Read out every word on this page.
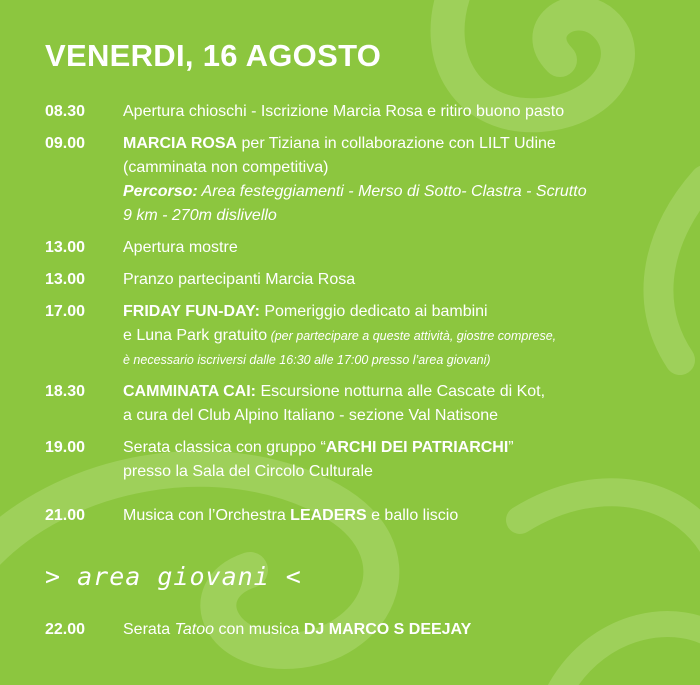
VENERDI, 16 AGOSTO
08.30	Apertura chioschi - Iscrizione Marcia Rosa e ritiro buono pasto
09.00	MARCIA ROSA per Tiziana in collaborazione con LILT Udine
(camminata non competitiva)
Percorso: Area festeggiamenti - Merso di Sotto- Clastra - Scrutto
9 km - 270m dislivello
13.00	Apertura mostre
13.00	Pranzo partecipanti Marcia Rosa
17.00	FRIDAY FUN-DAY: Pomeriggio dedicato ai bambini
e Luna Park gratuito (per partecipare a queste attività, giostre comprese,
è necessario iscriversi dalle 16:30 alle 17:00 presso l’area giovani)
18.30	CAMMINATA CAI: Escursione notturna alle Cascate di Kot,
a cura del Club Alpino Italiano - sezione Val Natisone
19.00	Serata classica con gruppo “ARCHI DEI PATRIARCHI”
presso la Sala del Circolo Culturale
21.00	Musica con l’Orchestra LEADERS e ballo liscio
> area giovani <
22.00	Serata Tatoo con musica DJ MARCO S DEEJAY
